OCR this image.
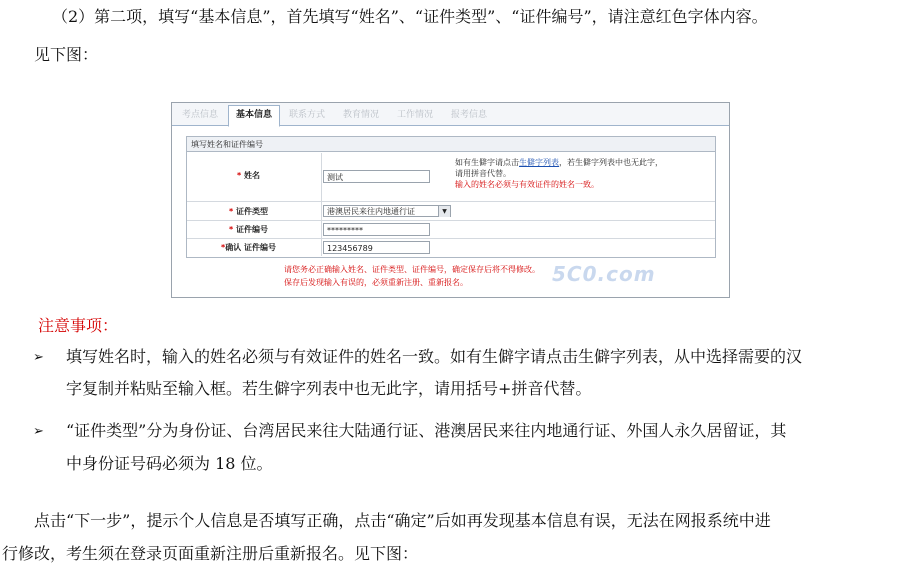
（2）第二项，填写“基本信息”，首先填写“姓名”、“证件类型”、“证件编号”，请注意红色字体内容。
见下图：
考点信息	基本信息	联系方式	教育情况	工作情况	报考信息
填写姓名和证件编号
* 姓名	测试
如有生僻字请点击生僻字列表，若生僻字列表中也无此字，
请用拼音代替。
输入的姓名必须与有效证件的姓名一致。
* 证件类型	港澳居民来往内地通行证	▼
* 证件编号	*********
*确认 证件编号	123456789
请您务必正确输入姓名、证件类型、证件编号，确定保存后将不得修改。
保存后发现输入有误的，必须重新注册、重新报名。	5C0.com
注意事项：
➢ 填写姓名时，输入的姓名必须与有效证件的姓名一致。如有生僻字请点击生僻字列表，从中选择需要的汉
字复制并粘贴至输入框。若生僻字列表中也无此字，请用括号+拼音代替。
➢ “证件类型”分为身份证、台湾居民来往大陆通行证、港澳居民来往内地通行证、外国人永久居留证，其
中身份证号码必须为 18 位。
点击“下一步”，提示个人信息是否填写正确，点击“确定”后如再发现基本信息有误，无法在网报系统中进
行修改，考生须在登录页面重新注册后重新报名。见下图：
